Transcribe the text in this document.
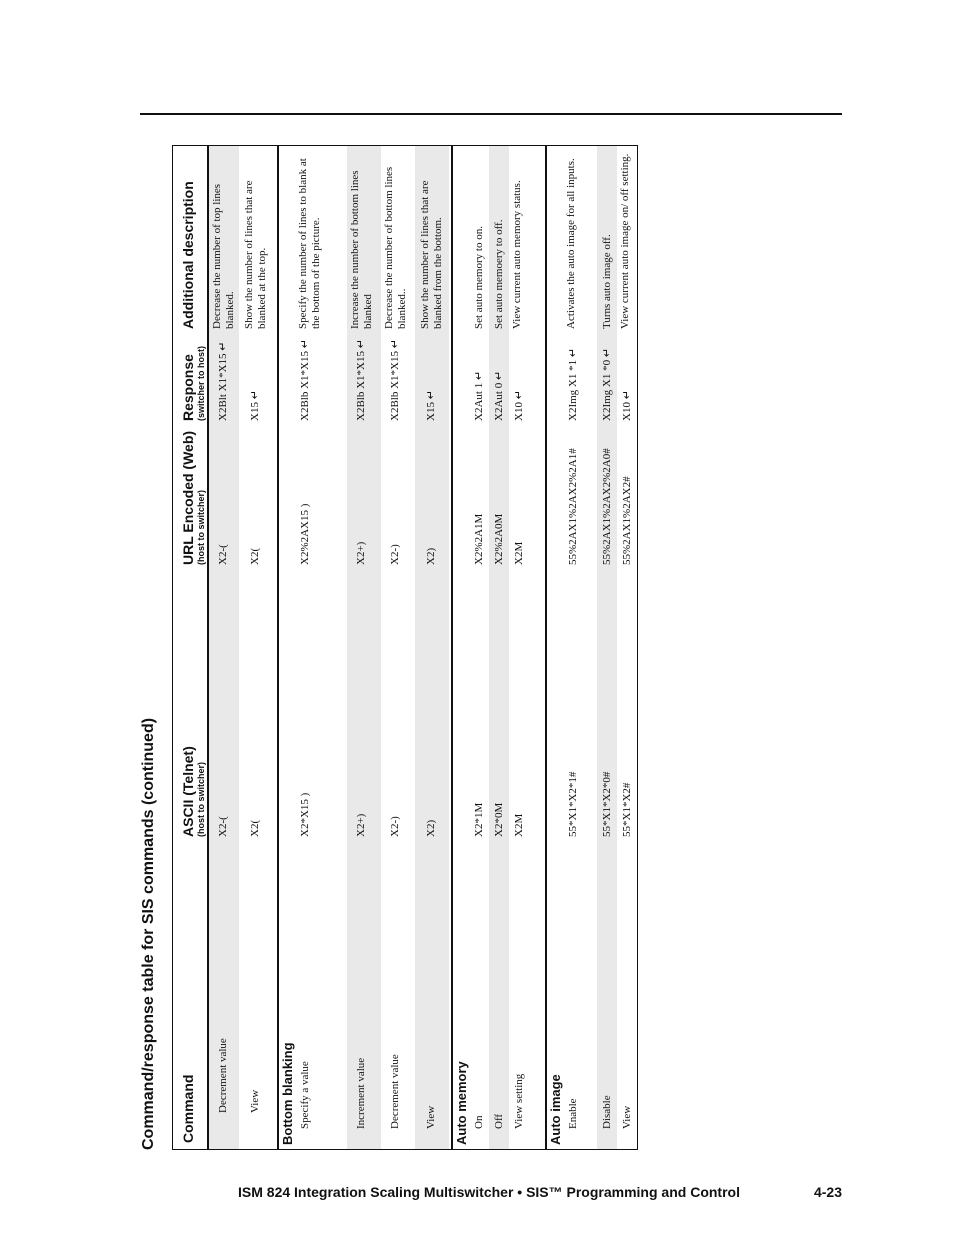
Command/response table for SIS commands (continued) Command
ASCII (Telnet) (host to switcher)
URL Encoded (Web) (host to switcher)
Response (switcher to host)
Additional description
Decrement value
X2-(
X2-(
X2Blt X1*X15 ↵
Decrease the number of top lines blanked.
View
X2(
X2(
X15 ↵
Show the number of lines that are blanked at the top.
Bottom blanking Specify a value
X2*X15 )
X2%2AX15 )
X2Blb X1*X15 ↵
Specify the number of lines to blank at the bottom of the picture.
Increment value
X2+)
X2+)
X2Blb X1*X15 ↵
Increase the number of bottom lines blanked
Decrement value
X2-)
X2-)
X2Blb X1*X15 ↵
Decrease the number of bottom lines blanked..
View
X2)
X2)
X15 ↵
Show the number of lines that are blanked from the bottom.
Auto memory On
X2*1M
X2%2A1M
X2Aut 1 ↵
Set auto memory to on.
Off
X2*0M
X2%2A0M
X2Aut 0 ↵
Set auto memoery to off.
View setting
X2M
X2M
X10 ↵
View current auto memory status.
Auto image Enable
55*X1*X2*1#
55%2AX1%2AX2%2A1#
X2Img X1 *1 ↵
Activates the auto image for all inputs.
Disable
55*X1*X2*0#
55%2AX1%2AX2%2A0#
X2Img X1 *0 ↵
Turns auto image off.
View
55*X1*X2#
55%2AX1%2AX2#
X10 ↵
View current auto image on/ off setting.
ISM 824 Integration Scaling Multiswitcher • SIS™ Programming and Control	4-23
